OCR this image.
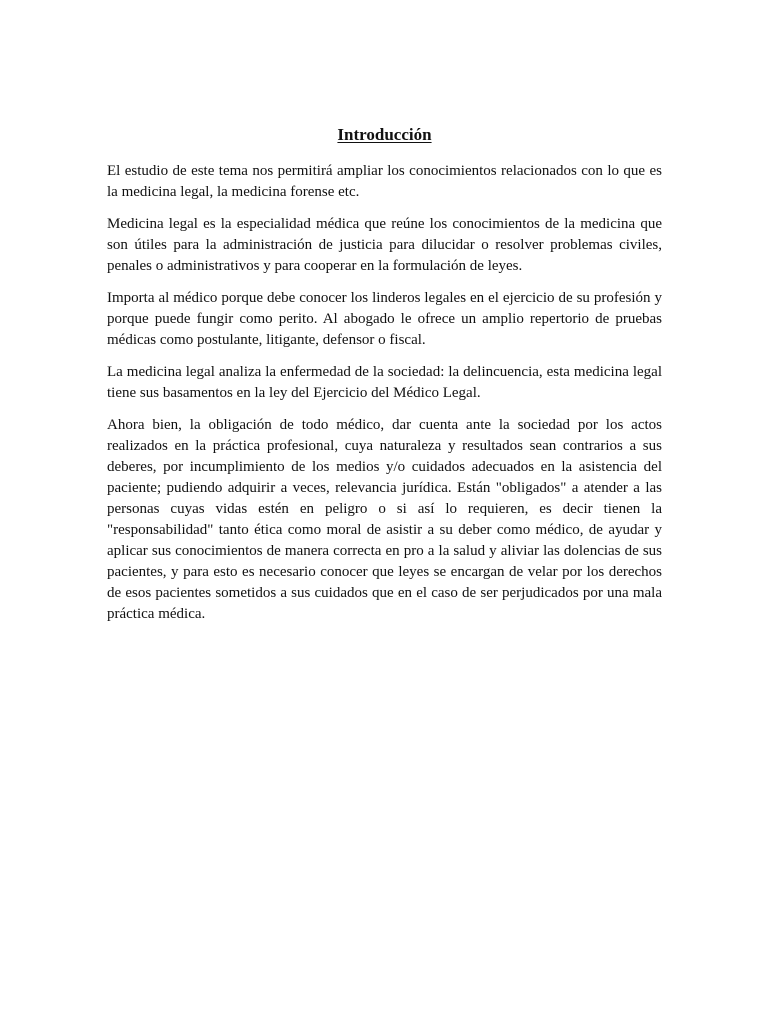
Introducción

El estudio de este tema nos permitirá ampliar los conocimientos relacionados con lo que es la medicina legal, la medicina forense etc.

Medicina legal es la especialidad médica que reúne los conocimientos de la medicina que son útiles para la administración de justicia para dilucidar o resolver problemas civiles, penales o administrativos y para cooperar en la formulación de leyes.

Importa al médico porque debe conocer los linderos legales en el ejercicio de su profesión y porque puede fungir como perito. Al abogado le ofrece un amplio repertorio de pruebas médicas como postulante, litigante, defensor o fiscal.

La medicina legal analiza la enfermedad de la sociedad: la delincuencia, esta medicina legal tiene sus basamentos en la ley del Ejercicio del Médico Legal.

Ahora bien, la obligación de todo médico, dar cuenta ante la sociedad por los actos realizados en la práctica profesional, cuya naturaleza y resultados sean contrarios a sus deberes, por incumplimiento de los medios y/o cuidados adecuados en la asistencia del paciente; pudiendo adquirir a veces, relevancia jurídica. Están "obligados" a atender a las personas cuyas vidas estén en peligro o si así lo requieren, es decir tienen la "responsabilidad" tanto ética como moral de asistir a su deber como médico, de ayudar y aplicar sus conocimientos de manera correcta en pro a la salud y aliviar las dolencias de sus pacientes, y para esto es necesario conocer que leyes se encargan de velar por los derechos de esos pacientes sometidos a sus cuidados que en el caso de ser perjudicados por una mala práctica médica.
